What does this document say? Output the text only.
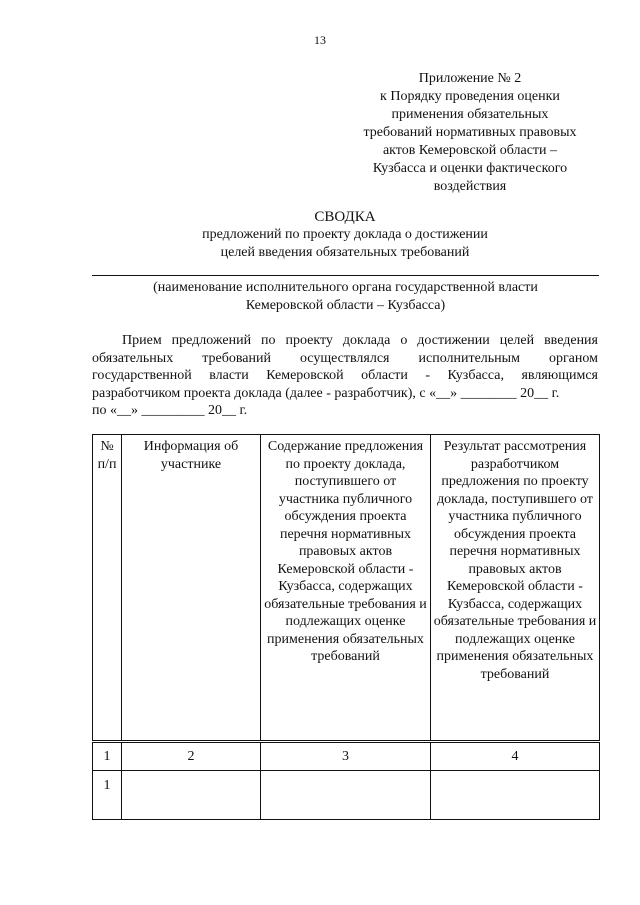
13
Приложение № 2
к Порядку проведения оценки
применения обязательных
требований нормативных правовых
актов Кемеровской области –
Кузбасса и оценки фактического
воздействия
СВОДКА
предложений по проекту доклада о достижении
целей введения обязательных требований
(наименование исполнительного органа государственной власти
Кемеровской области – Кузбасса)
Прием предложений по проекту доклада о достижении целей введения обязательных требований осуществлялся исполнительным органом государственной власти Кемеровской области - Кузбасса, являющимся разработчиком проекта доклада (далее - разработчик), с «__» ________ 20__ г.
по «__» _________ 20__ г.
№ п/п	Информация об участнике	Содержание предложения по проекту доклада, поступившего от участника публичного обсуждения проекта перечня нормативных правовых актов Кемеровской области - Кузбасса, содержащих обязательные требования и подлежащих оценке применения обязательных требований	Результат рассмотрения разработчиком предложения по проекту доклада, поступившего от участника публичного обсуждения проекта перечня нормативных правовых актов Кемеровской области - Кузбасса, содержащих обязательные требования и подлежащих оценке применения обязательных требований
1	2	3	4
1			
